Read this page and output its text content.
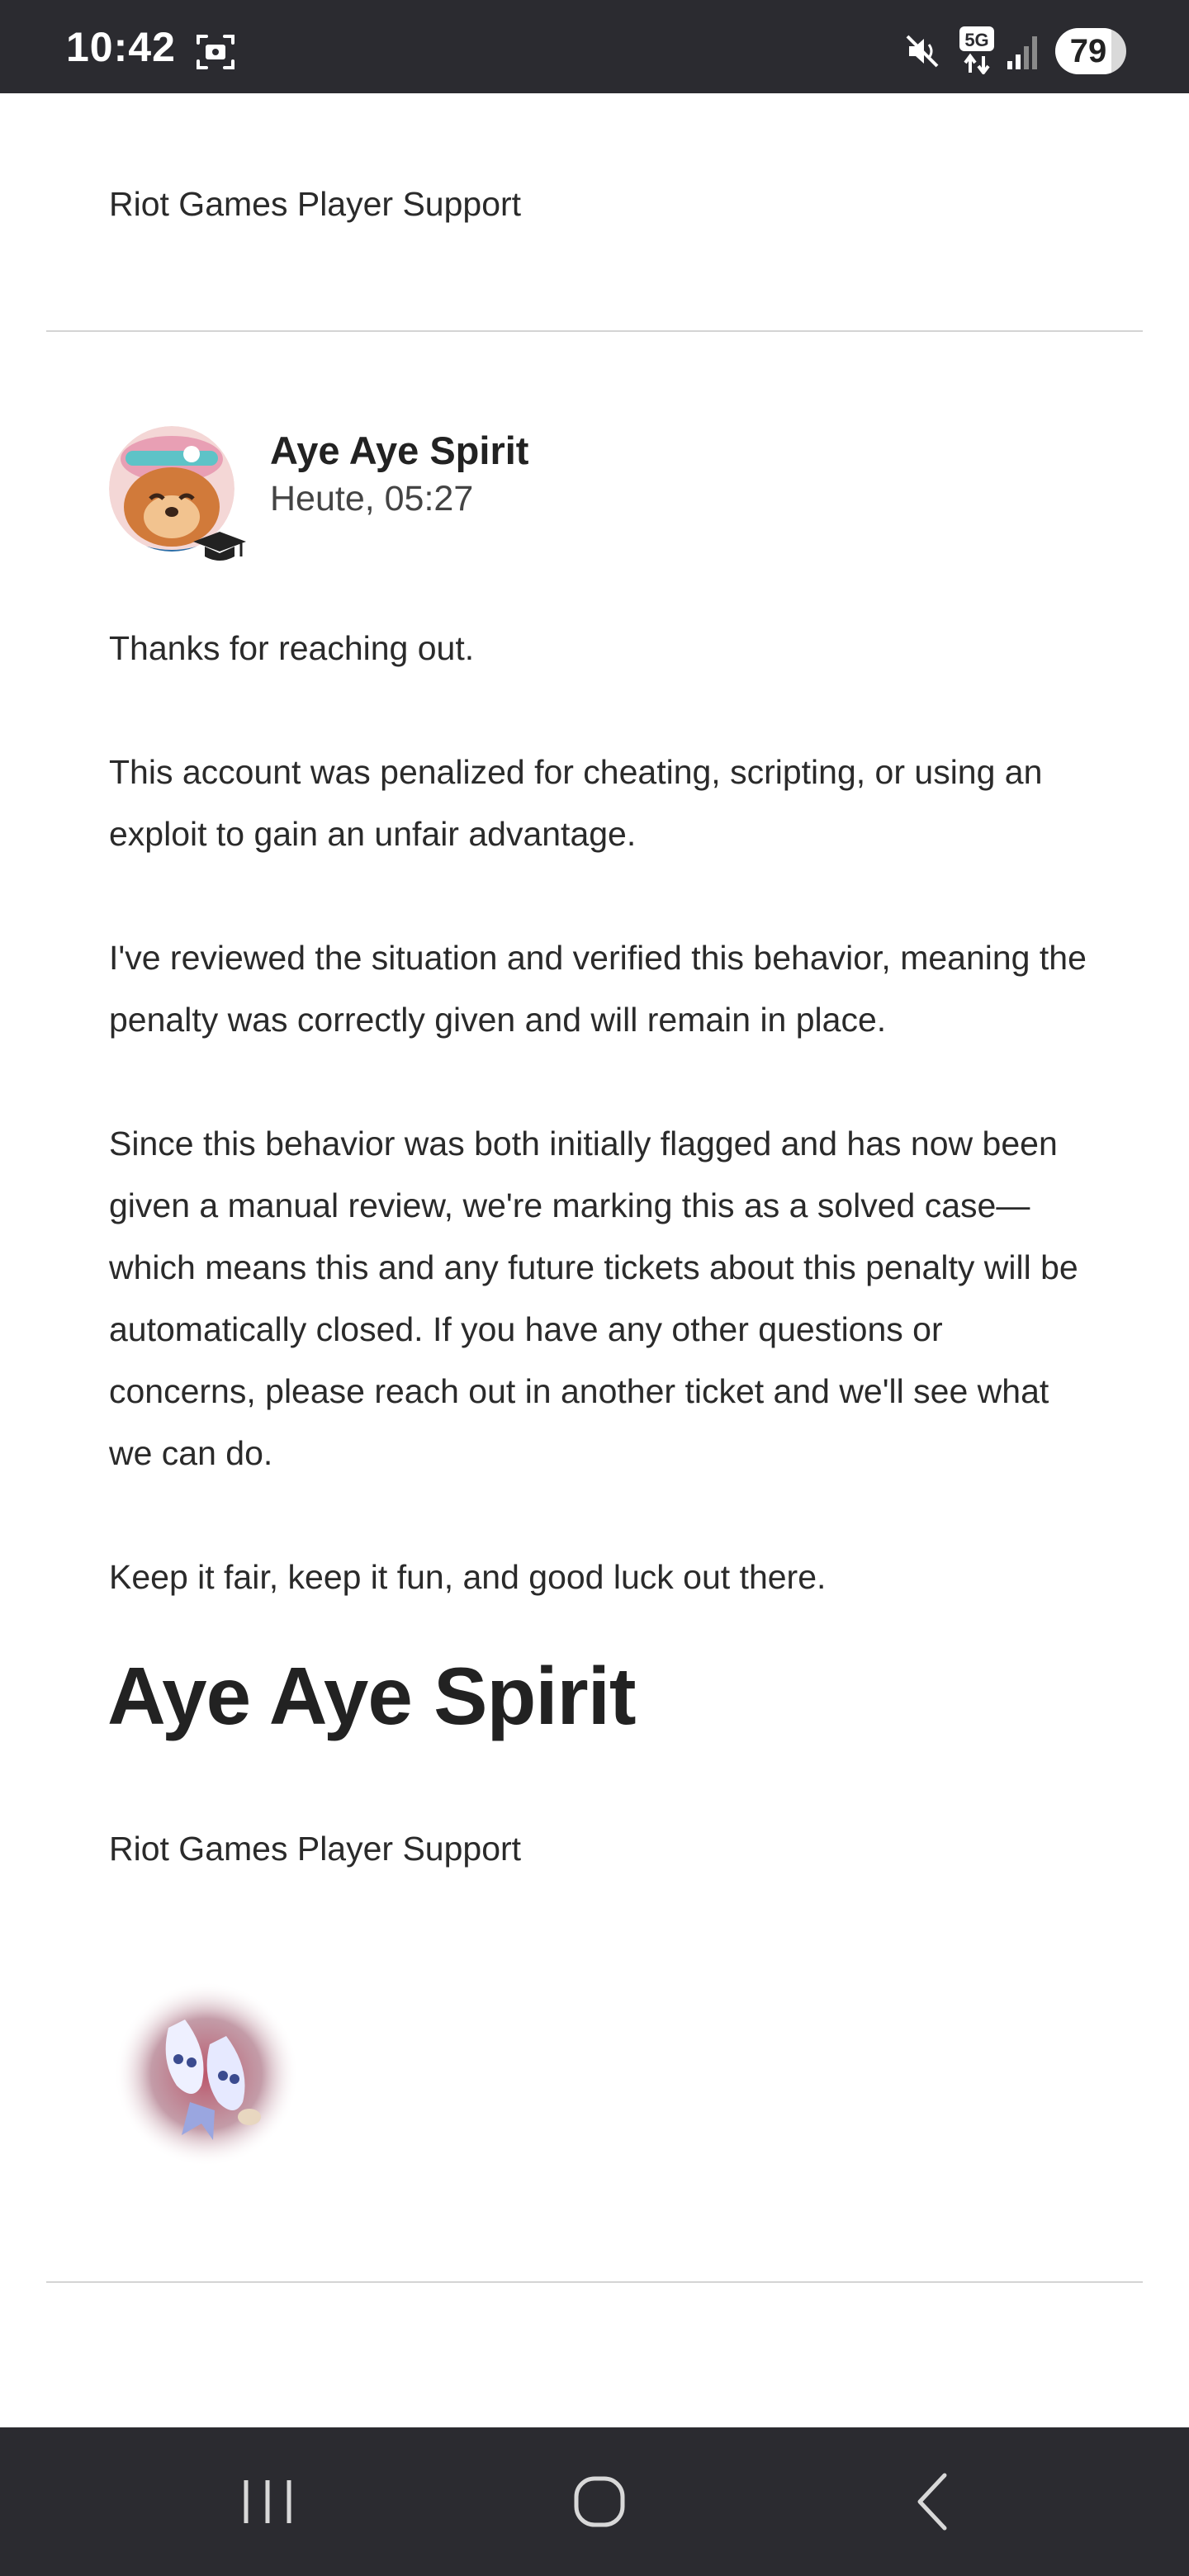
10:42	5G	79
Riot Games Player Support
Aye Aye Spirit
Heute, 05:27

Thanks for reaching out.

This account was penalized for cheating, scripting, or using an exploit to gain an unfair advantage.

I've reviewed the situation and verified this behavior, meaning the penalty was correctly given and will remain in place.

Since this behavior was both initially flagged and has now been given a manual review, we're marking this as a solved case—which means this and any future tickets about this penalty will be automatically closed. If you have any other questions or concerns, please reach out in another ticket and we'll see what we can do.

Keep it fair, keep it fun, and good luck out there.

Aye Aye Spirit
Riot Games Player Support
